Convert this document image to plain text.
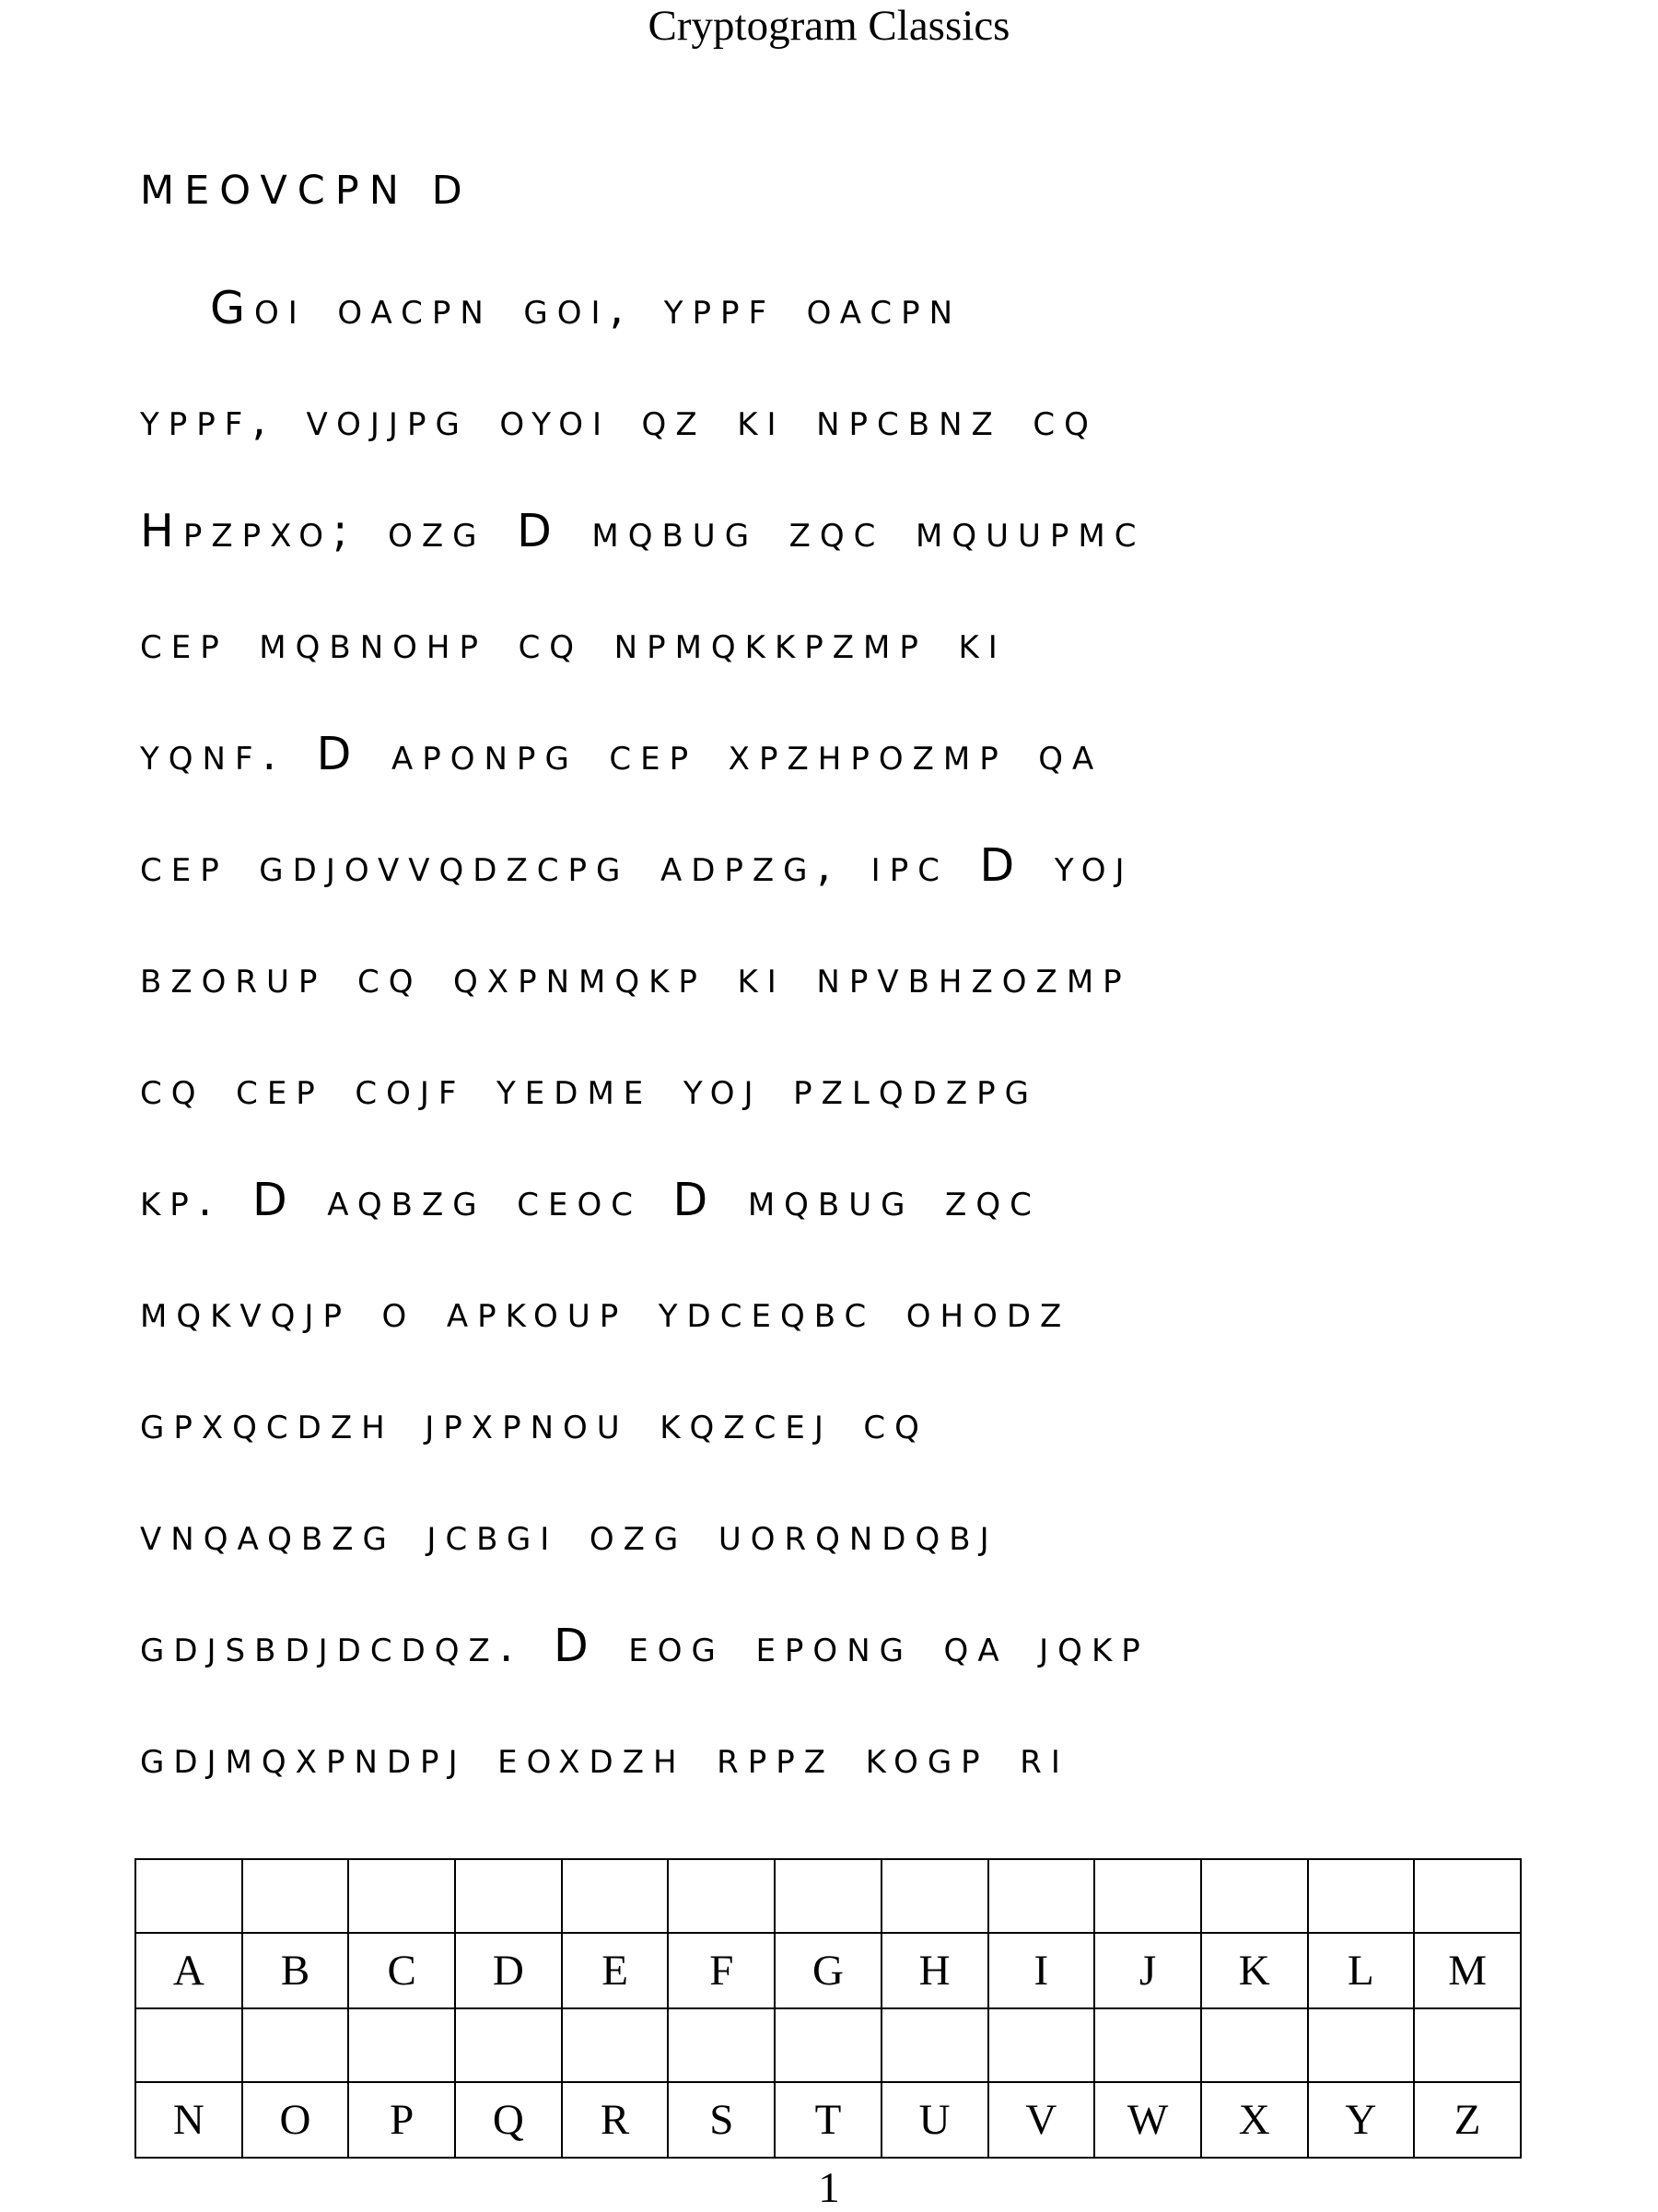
Cryptogram Classics
MEOVCPN D
Goi oacpn goi, yppf oacpn
yppf, vojjpg oyoi qz ki npcbnz cq
Hpzpxo; ozg D mqbug zqc mquupmc
cep mqbnohp cq npmqkkpzmp ki
yqnf. D aponpg cep xpzhpozmp qa
cep gdjovvqdzcpg adpzg, ipc D yoj
bzorup cq qxpnmqkp ki npvbhzozmp
cq cep cojf yedme yoj pzlqdzpg
kp. D aqbzg ceoc D mqbug zqc
mqkvqjp o apkoup ydceqbc ohodz
gpxqcdzh jpxpnou kqzcej cq
vnqaqbzg jcbgi ozg uorqndqbj
gdjsbdjdcdqz. D eog epong qa jqkp
gdjmqxpndpj eoxdzh rppz kogp ri

A	B	C	D	E	F	G	H	I	J	K	L	M

N	O	P	Q	R	S	T	U	V	W	X	Y	Z
1
